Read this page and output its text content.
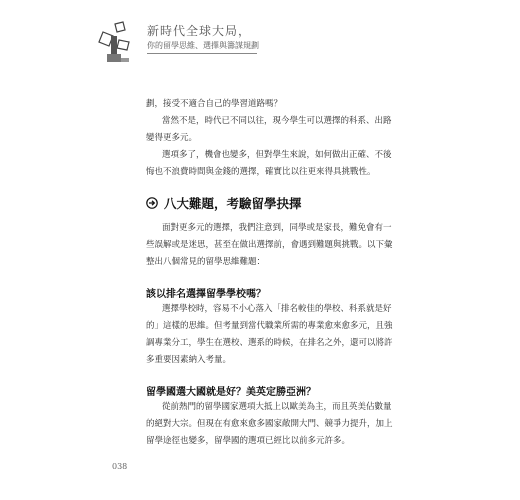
新時代全球大局，
你的留學思維、選擇與籌謀規劃

劃，接受不適合自己的學習道路嗎？

當然不是，時代已不同以往，現今學生可以選擇的科系、出路變得更多元。

選項多了，機會也變多，但對學生來說，如何做出正確、不後悔也不浪費時間與金錢的選擇，確實比以往更來得具挑戰性。

八大難題，考驗留學抉擇

面對更多元的選擇，我們注意到，同學或是家長，難免會有一些誤解或是迷思，甚至在做出選擇前，會遇到難題與挑戰。以下彙整出八個常見的留學思維難題：

該以排名選擇留學學校嗎？

選擇學校時，容易不小心落入「排名較佳的學校、科系就是好的」這樣的思維。但考量到當代職業所需的專業愈來愈多元，且強調專業分工，學生在選校、選系的時候，在排名之外，還可以將許多重要因素納入考量。

留學國選大國就是好？美英定勝亞洲？

從前熱門的留學國家選項大抵上以歐美為主，而且英美佔數量的絕對大宗。但現在有愈來愈多國家敞開大門、競爭力提升，加上留學途徑也變多，留學國的選項已經比以前多元許多。

038
